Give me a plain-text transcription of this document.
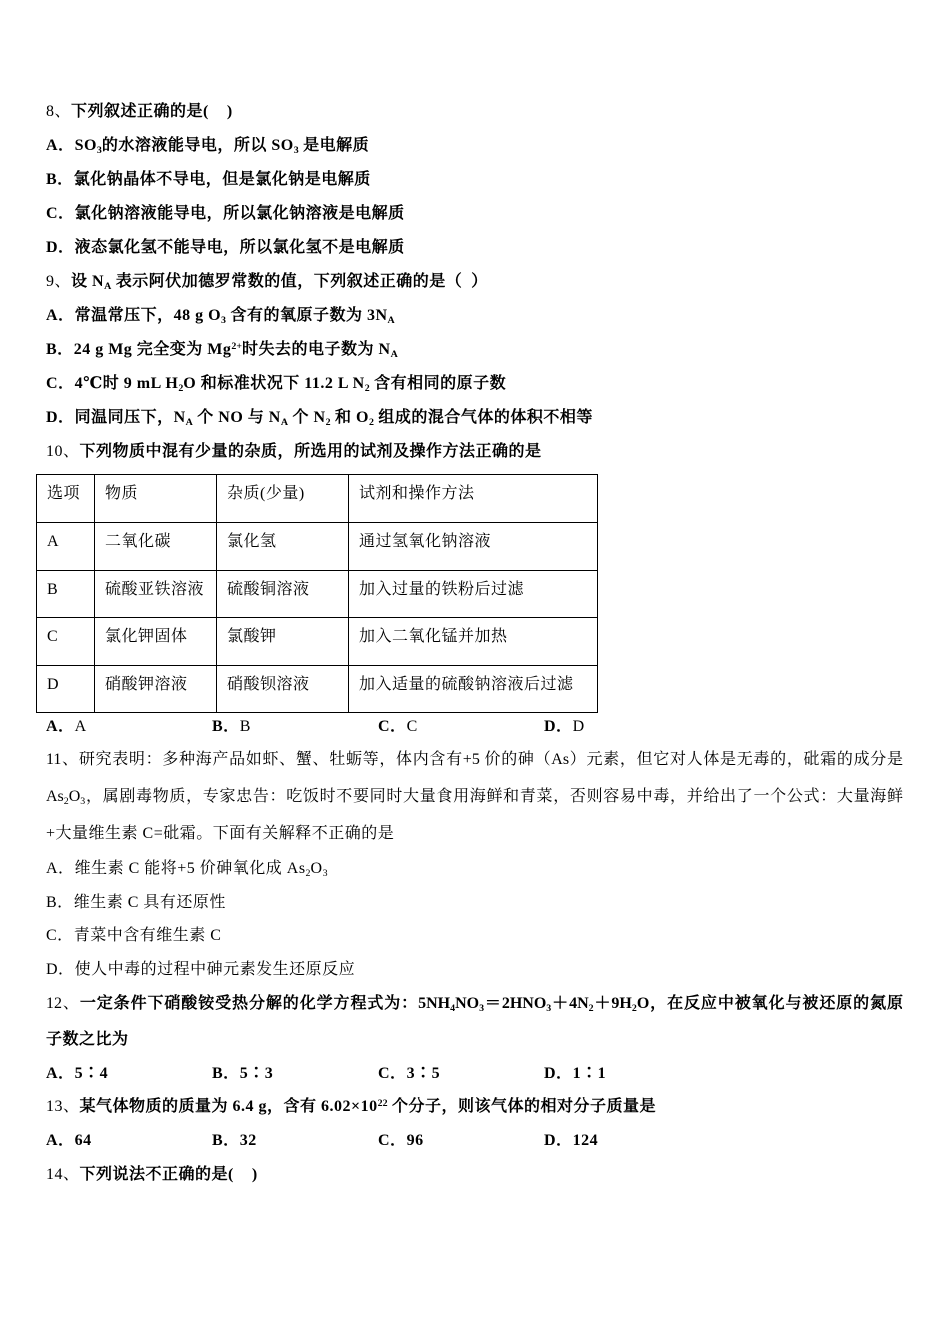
8、下列叙述正确的是(    )
A．$SO_3$的水溶液能导电，所以 $SO_3$ 是电解质
B．氯化钠晶体不导电，但是氯化钠是电解质
C．氯化钠溶液能导电，所以氯化钠溶液是电解质
D．液态氯化氢不能导电，所以氯化氢不是电解质
9、设 $N_A$ 表示阿伏加德罗常数的值，下列叙述正确的是（  ）
A．常温常压下，48 g $O_3$ 含有的氧原子数为 $3N_A$
B．24 g Mg 完全变为 $Mg^{2+}$时失去的电子数为 $N_A$
C．4℃时 9 mL $H_2O$ 和标准状况下 11.2 L $N_2$ 含有相同的原子数
D．同温同压下，$N_A$ 个 NO 与 $N_A$ 个 $N_2$ 和 $O_2$ 组成的混合气体的体积不相等
10、下列物质中混有少量的杂质，所选用的试剂及操作方法正确的是
选项	物质	杂质(少量)	试剂和操作方法
A	二氧化碳	氯化氢	通过氢氧化钠溶液
B	硫酸亚铁溶液	硫酸铜溶液	加入过量的铁粉后过滤
C	氯化钾固体	氯酸钾	加入二氧化锰并加热
D	硝酸钾溶液	硝酸钡溶液	加入适量的硫酸钠溶液后过滤
A．A	B．B	C．C	D．D
11、研究表明：多种海产品如虾、蟹、牡蛎等，体内含有+5 价的砷（As）元素，但它对人体是无毒的，砒霜的成分是
$As_2O_3$，属剧毒物质，专家忠告：吃饭时不要同时大量食用海鲜和青菜，否则容易中毒，并给出了一个公式：大量海鲜
+大量维生素 C=砒霜。下面有关解释不正确的是
A．维生素 C 能将+5 价砷氧化成 $As_2O_3$
B．维生素 C 具有还原性
C．青菜中含有维生素 C
D．使人中毒的过程中砷元素发生还原反应
12、一定条件下硝酸铵受热分解的化学方程式为：$5NH_4NO_3=2HNO_3+4N_2+9H_2O$，在反应中被氧化与被还原的氮原
子数之比为
A．5∶4	B．5∶3	C．3∶5	D．1∶1
13、某气体物质的质量为 6.4 g，含有 $6.02\times 10^{22}$ 个分子，则该气体的相对分子质量是
A．64	B．32	C．96	D．124
14、下列说法不正确的是(    )
